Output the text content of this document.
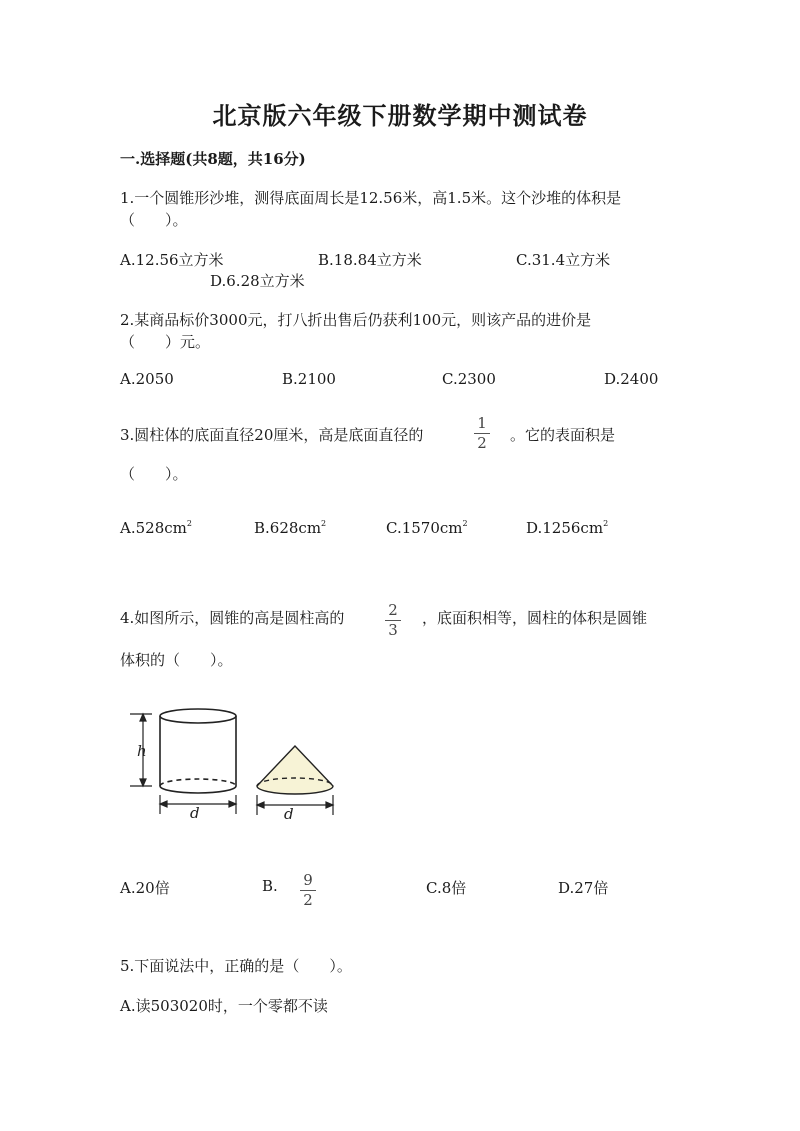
北京版六年级下册数学期中测试卷
一.选择题(共8题，共16分)
1.一个圆锥形沙堆，测得底面周长是12.56米，高1.5米。这个沙堆的体积是
（　　）。
A.12.56立方米	B.18.84立方米	C.31.4立方米
D.6.28立方米
2.某商品标价3000元，打八折出售后仍获利100元，则该产品的进价是
（　　）元。
A.2050	B.2100	C.2300	D.2400
3.圆柱体的底面直径20厘米，高是底面直径的
1
2 。它的表面积是
（　　）。
$A.528cm^2$	$B.628cm^2$	$C.1570cm^2$	$D.1256cm^2$
4.如图所示，圆锥的高是圆柱高的	2
3
，底面积相等，圆柱的体积是圆锥
体积的（　　）。
h
d	d
A.20倍	B. 9
2
C.8倍	D.27倍
5.下面说法中，正确的是（　　）。
A.读503020时，一个零都不读
